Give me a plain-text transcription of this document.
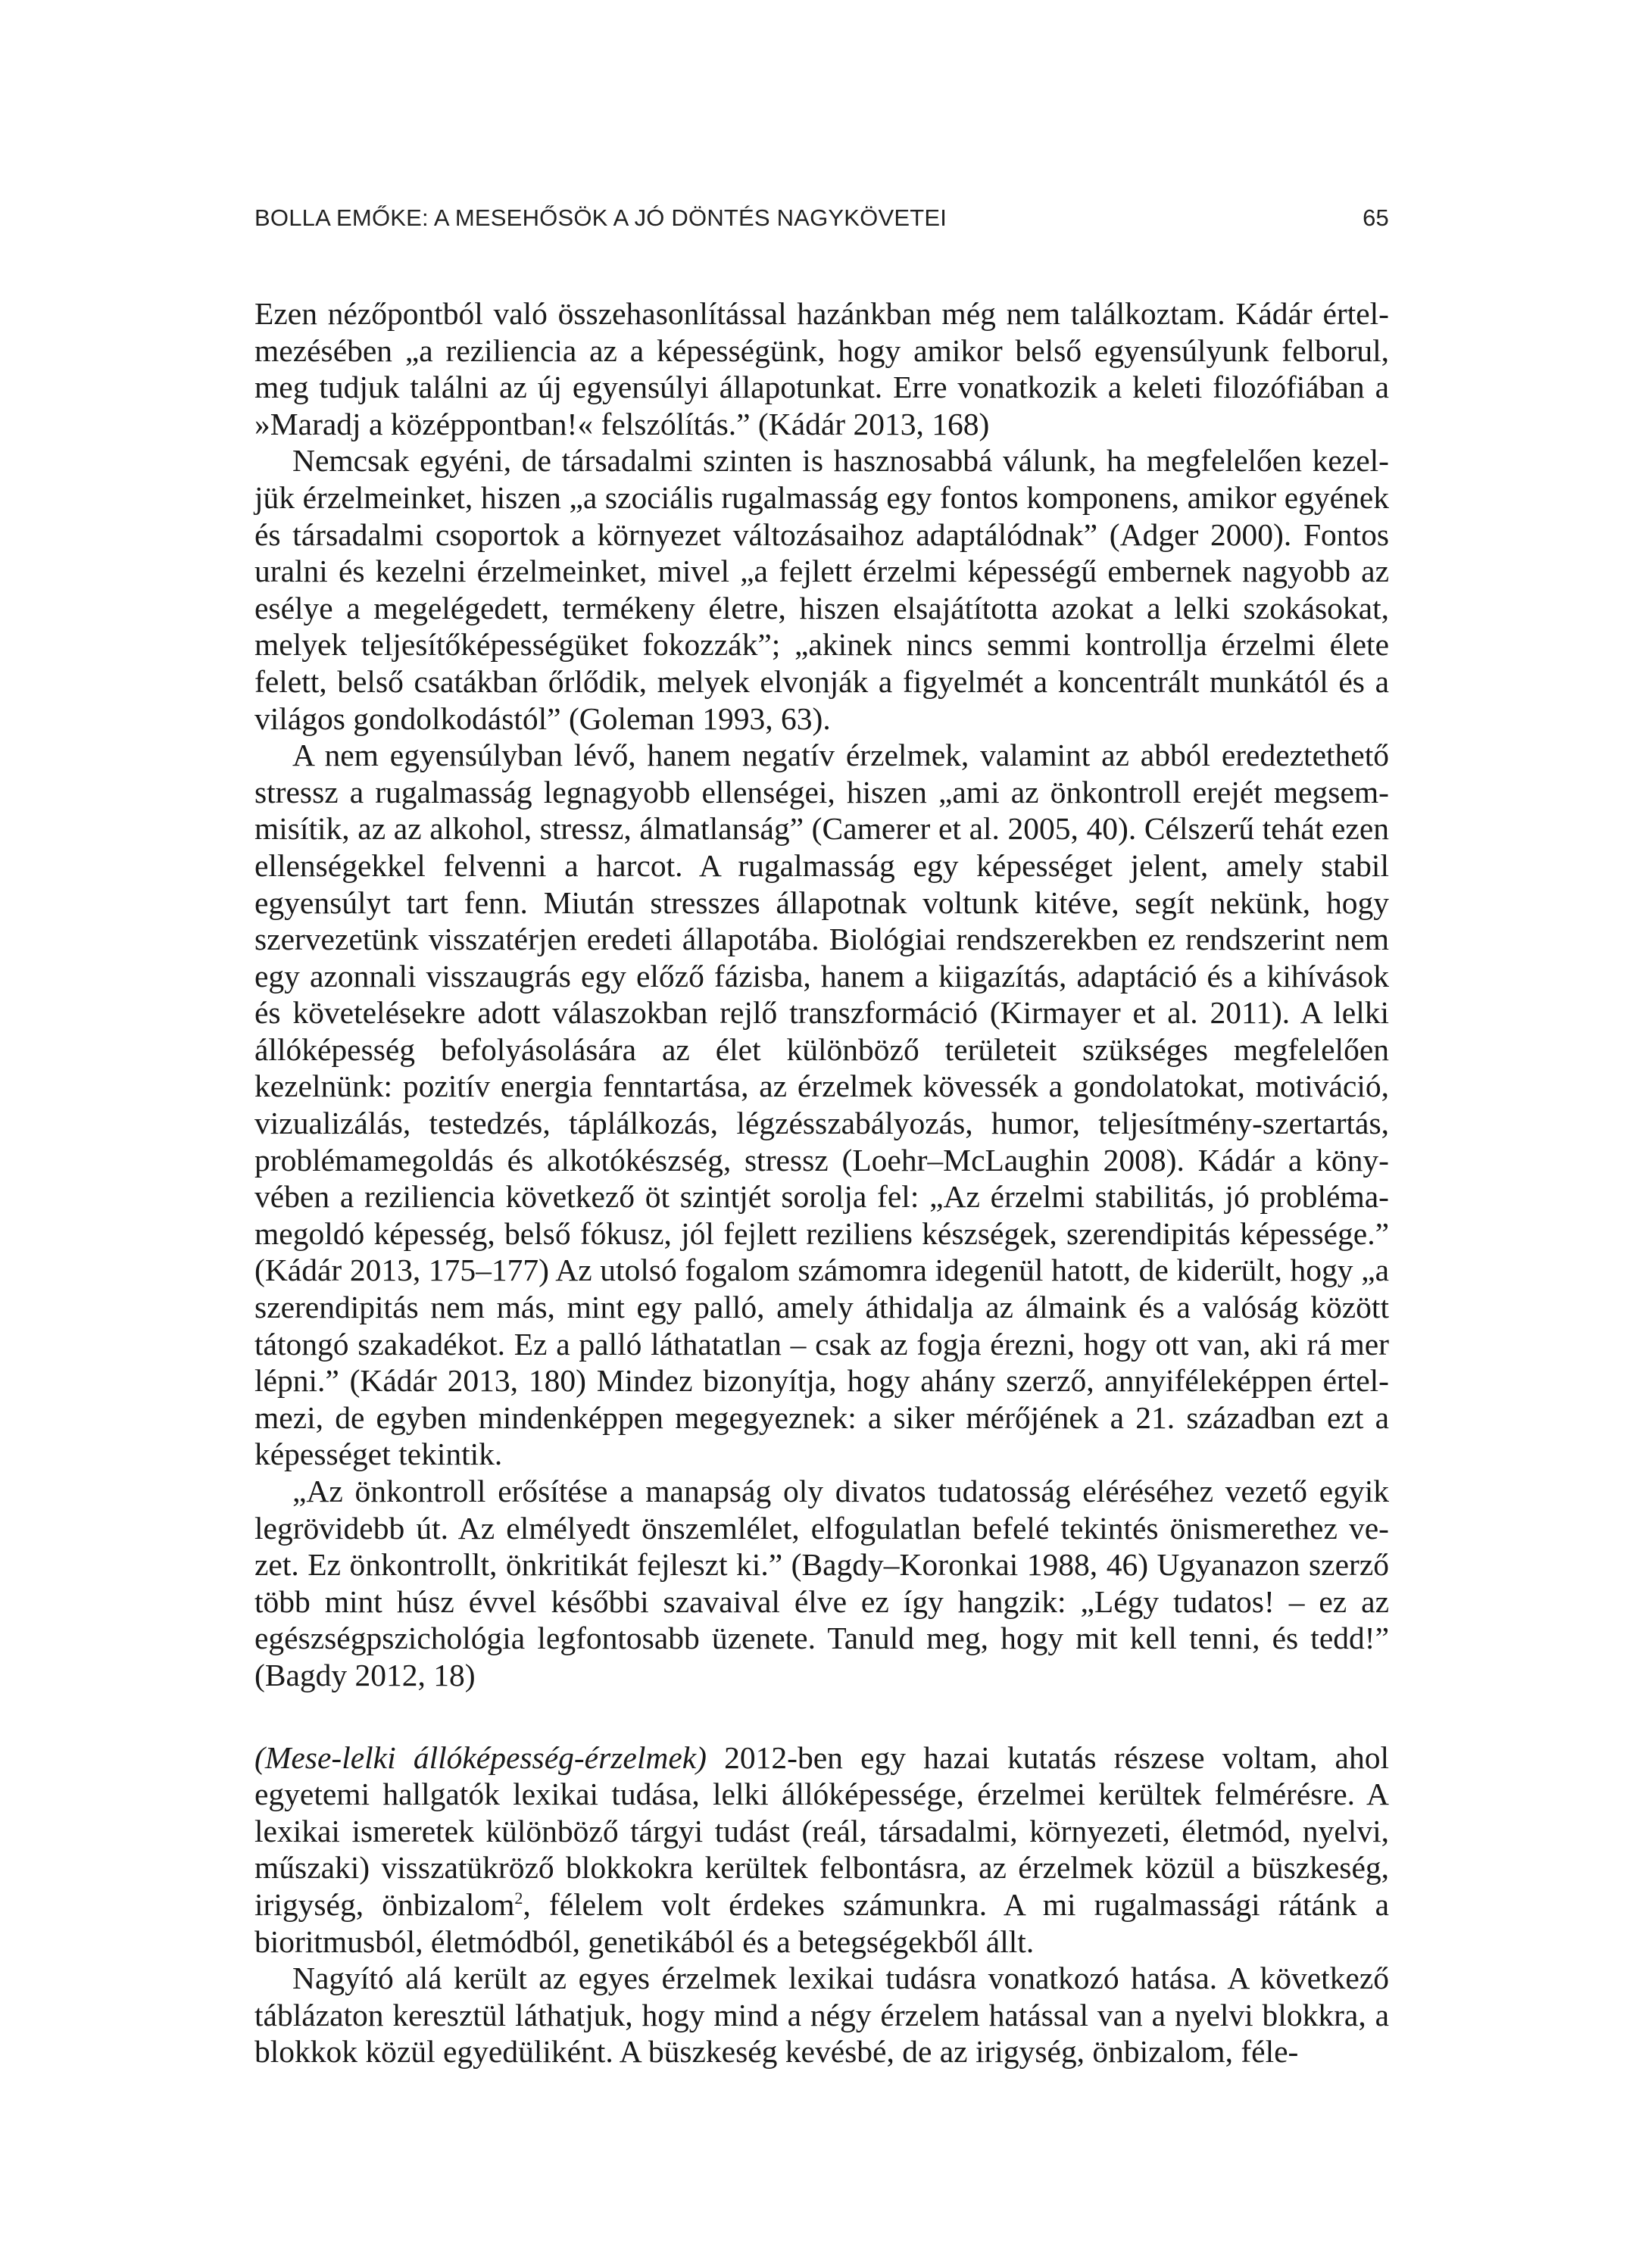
BOLLA EMŐKE: A MESEHŐSÖK A JÓ DÖNTÉS NAGYKÖVETEI	65

Ezen nézőpontból való összehasonlítással hazánkban még nem találkoztam. Kádár értelmezésében „a reziliencia az a képességünk, hogy amikor belső egyensúlyunk felborul, meg tudjuk találni az új egyensúlyi állapotunkat. Erre vonatkozik a keleti filozófiában a »Maradj a középpontban!« felszólítás.” (Kádár 2013, 168)

Nemcsak egyéni, de társadalmi szinten is hasznosabbá válunk, ha megfelelően kezeljük érzelmeinket, hiszen „a szociális rugalmasság egy fontos komponens, amikor egyének és társadalmi csoportok a környezet változásaihoz adaptálódnak” (Adger 2000). Fontos uralni és kezelni érzelmeinket, mivel „a fejlett érzelmi képességű embernek nagyobb az esélye a megelégedett, termékeny életre, hiszen elsajátította azokat a lelki szokásokat, melyek teljesítőképességüket fokozzák”; „akinek nincs semmi kontrollja érzelmi élete felett, belső csatákban őrlődik, melyek elvonják a figyelmét a koncentrált munkától és a világos gondolkodástól” (Goleman 1993, 63).

A nem egyensúlyban lévő, hanem negatív érzelmek, valamint az abból eredeztethető stressz a rugalmasság legnagyobb ellenségei, hiszen „ami az önkontroll erejét megsemmisítik, az az alkohol, stressz, álmatlanság” (Camerer et al. 2005, 40). Célszerű tehát ezen ellenségekkel felvenni a harcot. A rugalmasság egy képességet jelent, amely stabil egyensúlyt tart fenn. Miután stresszes állapotnak voltunk kitéve, segít nekünk, hogy szervezetünk visszatérjen eredeti állapotába. Biológiai rendszerekben ez rendszerint nem egy azonnali visszaugrás egy előző fázisba, hanem a kiigazítás, adaptáció és a kihívások és követelésekre adott válaszokban rejlő transzformáció (Kirmayer et al. 2011). A lelki állóképesség befolyásolására az élet különböző területeit szükséges megfelelően kezelnünk: pozitív energia fenntartása, az érzelmek kövessék a gondolatokat, motiváció, vizualizálás, testedzés, táplálkozás, légzésszabályozás, humor, teljesítmény-szertartás, problémamegoldás és alkotókészség, stressz (Loehr–McLaughin 2008). Kádár a könyvében a reziliencia következő öt szintjét sorolja fel: „Az érzelmi stabilitás, jó problémamegoldó képesség, belső fókusz, jól fejlett reziliens készségek, szerendipitás képessége.” (Kádár 2013, 175–177) Az utolsó fogalom számomra idegenül hatott, de kiderült, hogy „a szerendipitás nem más, mint egy palló, amely áthidalja az álmaink és a valóság között tátongó szakadékot. Ez a palló láthatatlan – csak az fogja érezni, hogy ott van, aki rá mer lépni.” (Kádár 2013, 180) Mindez bizonyítja, hogy ahány szerző, annyiféleképpen értelmezi, de egyben mindenképpen megegyeznek: a siker mérőjének a 21. században ezt a képességet tekintik.

„Az önkontroll erősítése a manapság oly divatos tudatosság eléréséhez vezető egyik legrövidebb út. Az elmélyedt önszemlélet, elfogulatlan befelé tekintés önismerethez vezet. Ez önkontrollt, önkritikát fejleszt ki.” (Bagdy–Koronkai 1988, 46) Ugyanazon szerző több mint húsz évvel későbbi szavaival élve ez így hangzik: „Légy tudatos! – ez az egészségpszichológia legfontosabb üzenete. Tanuld meg, hogy mit kell tenni, és tedd!” (Bagdy 2012, 18)

(Mese-lelki állóképesség-érzelmek) 2012-ben egy hazai kutatás részese voltam, ahol egyetemi hallgatók lexikai tudása, lelki állóképessége, érzelmei kerültek felmérésre. A lexikai ismeretek különböző tárgyi tudást (reál, társadalmi, környezeti, életmód, nyelvi, műszaki) visszatükröző blokkokra kerültek felbontásra, az érzelmek közül a büszkeség, irigység, önbizalom$^2$, félelem volt érdekes számunkra. A mi rugalmassági rátánk a bioritmusból, életmódból, genetikából és a betegségekből állt.

Nagyító alá került az egyes érzelmek lexikai tudásra vonatkozó hatása. A következő táblázaton keresztül láthatjuk, hogy mind a négy érzelem hatással van a nyelvi blokkra, a blokkok közül egyedüliként. A büszkeség kevésbé, de az irigység, önbizalom, féle-
